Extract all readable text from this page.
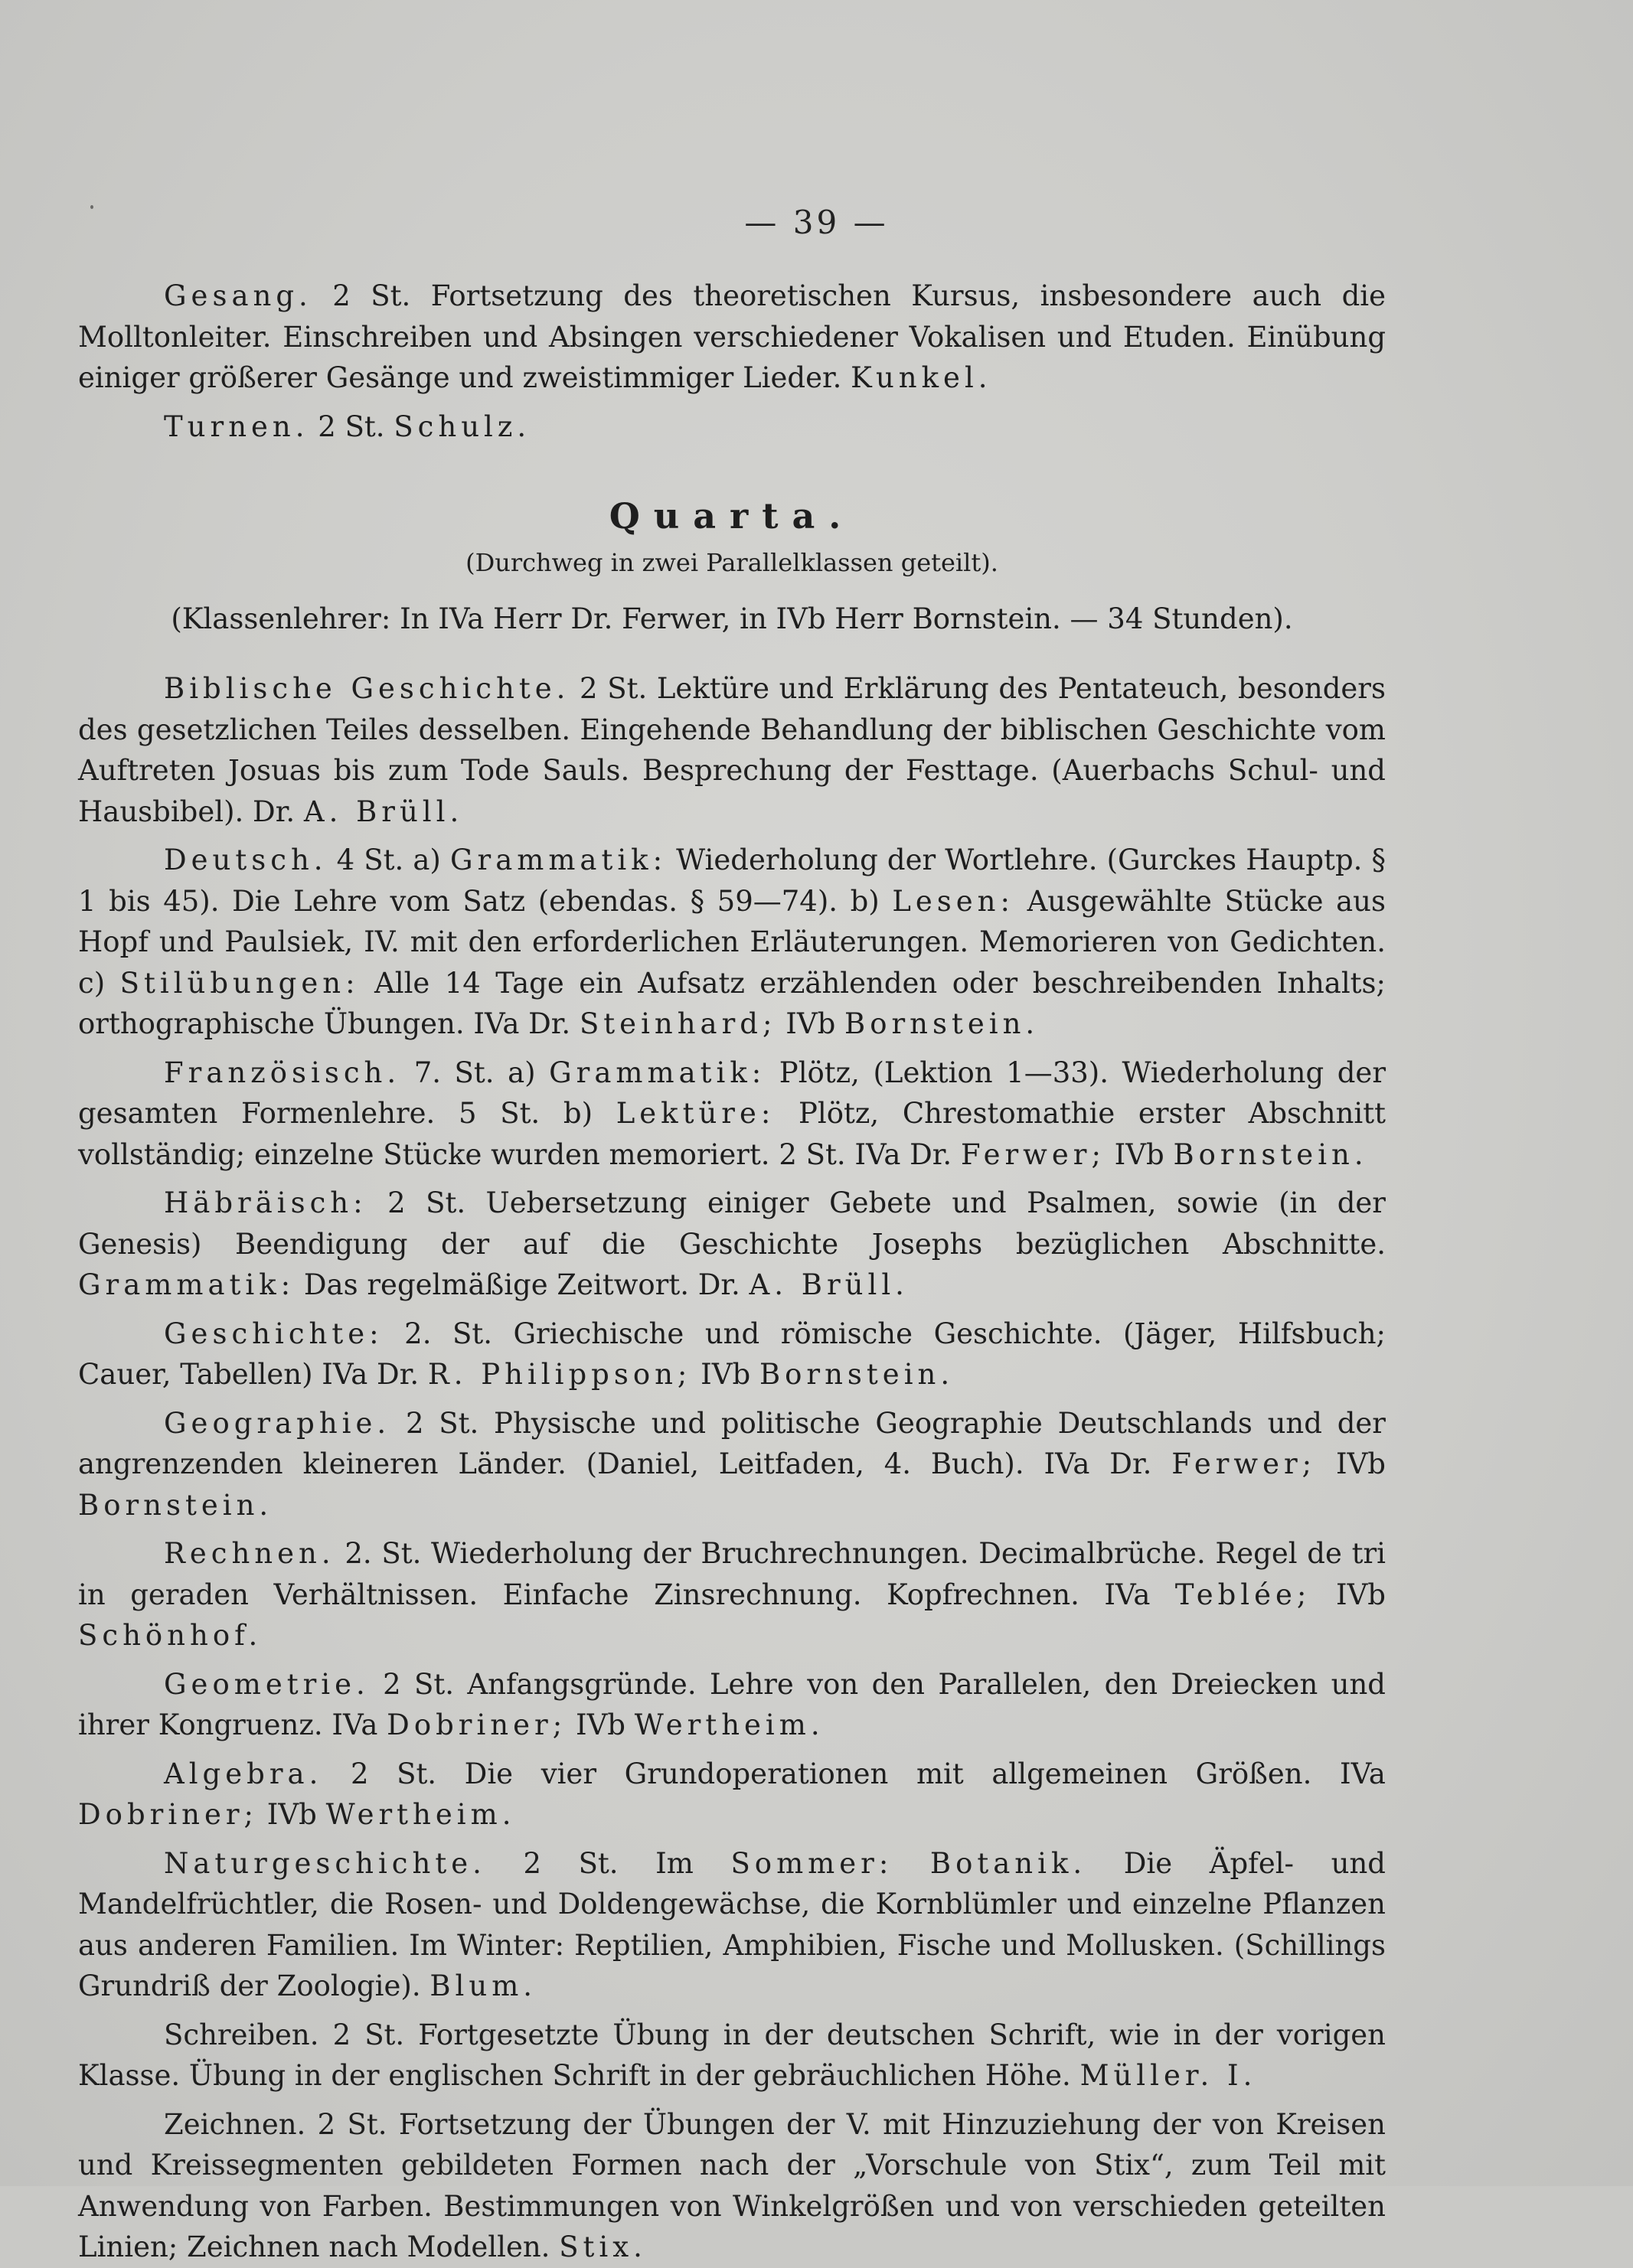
— 39 —

Gesang. 2 St. Fortsetzung des theoretischen Kursus, insbesondere auch die Molltonleiter. Einschreiben und Absingen verschiedener Vokalisen und Etuden. Einübung einiger größerer Gesänge und zweistimmiger Lieder. Kunkel.

Turnen. 2 St. Schulz.

Quarta.

(Durchweg in zwei Parallelklassen geteilt).

(Klassenlehrer: In IVa Herr Dr. Ferwer, in IVb Herr Bornstein. — 34 Stunden).

Biblische Geschichte. 2 St. Lektüre und Erklärung des Pentateuch, besonders des gesetzlichen Teiles desselben. Eingehende Behandlung der biblischen Geschichte vom Auftreten Josuas bis zum Tode Sauls. Besprechung der Festtage. (Auerbachs Schul- und Hausbibel). Dr. A. Brüll.

Deutsch. 4 St. a) Grammatik: Wiederholung der Wortlehre. (Gurckes Hauptp. § 1 bis 45). Die Lehre vom Satz (ebendas. § 59—74). b) Lesen: Ausgewählte Stücke aus Hopf und Paulsiek, IV. mit den erforderlichen Erläuterungen. Memorieren von Gedichten. c) Stilübungen: Alle 14 Tage ein Aufsatz erzählenden oder beschreibenden Inhalts; orthographische Übungen. IVa Dr. Steinhard; IVb Bornstein.

Französisch. 7. St. a) Grammatik: Plötz, (Lektion 1—33). Wiederholung der gesamten Formenlehre. 5 St. b) Lektüre: Plötz, Chrestomathie erster Abschnitt vollständig; einzelne Stücke wurden memoriert. 2 St. IVa Dr. Ferwer; IVb Bornstein.

Häbräisch: 2 St. Uebersetzung einiger Gebete und Psalmen, sowie (in der Genesis) Beendigung der auf die Geschichte Josephs bezüglichen Abschnitte. Grammatik: Das regelmäßige Zeitwort. Dr. A. Brüll.

Geschichte: 2. St. Griechische und römische Geschichte. (Jäger, Hilfsbuch; Cauer, Tabellen) IVa Dr. R. Philippson; IVb Bornstein.

Geographie. 2 St. Physische und politische Geographie Deutschlands und der angrenzenden kleineren Länder. (Daniel, Leitfaden, 4. Buch). IVa Dr. Ferwer; IVb Bornstein.

Rechnen. 2. St. Wiederholung der Bruchrechnungen. Decimalbrüche. Regel de tri in geraden Verhältnissen. Einfache Zinsrechnung. Kopfrechnen. IVa Teblée; IVb Schönhof.

Geometrie. 2 St. Anfangsgründe. Lehre von den Parallelen, den Dreiecken und ihrer Kongruenz. IVa Dobriner; IVb Wertheim.

Algebra. 2 St. Die vier Grundoperationen mit allgemeinen Größen. IVa Dobriner; IVb Wertheim.

Naturgeschichte. 2 St. Im Sommer: Botanik. Die Äpfel- und Mandelfrüchtler, die Rosen- und Doldengewächse, die Kornblümler und einzelne Pflanzen aus anderen Familien. Im Winter: Reptilien, Amphibien, Fische und Mollusken. (Schillings Grundriß der Zoologie). Blum.

Schreiben. 2 St. Fortgesetzte Übung in der deutschen Schrift, wie in der vorigen Klasse. Übung in der englischen Schrift in der gebräuchlichen Höhe. Müller. I.

Zeichnen. 2 St. Fortsetzung der Übungen der V. mit Hinzuziehung der von Kreisen und Kreissegmenten gebildeten Formen nach der „Vorschule von Stix“, zum Teil mit Anwendung von Farben. Bestimmungen von Winkelgrößen und von verschieden geteilten Linien; Zeichnen nach Modellen. Stix.
